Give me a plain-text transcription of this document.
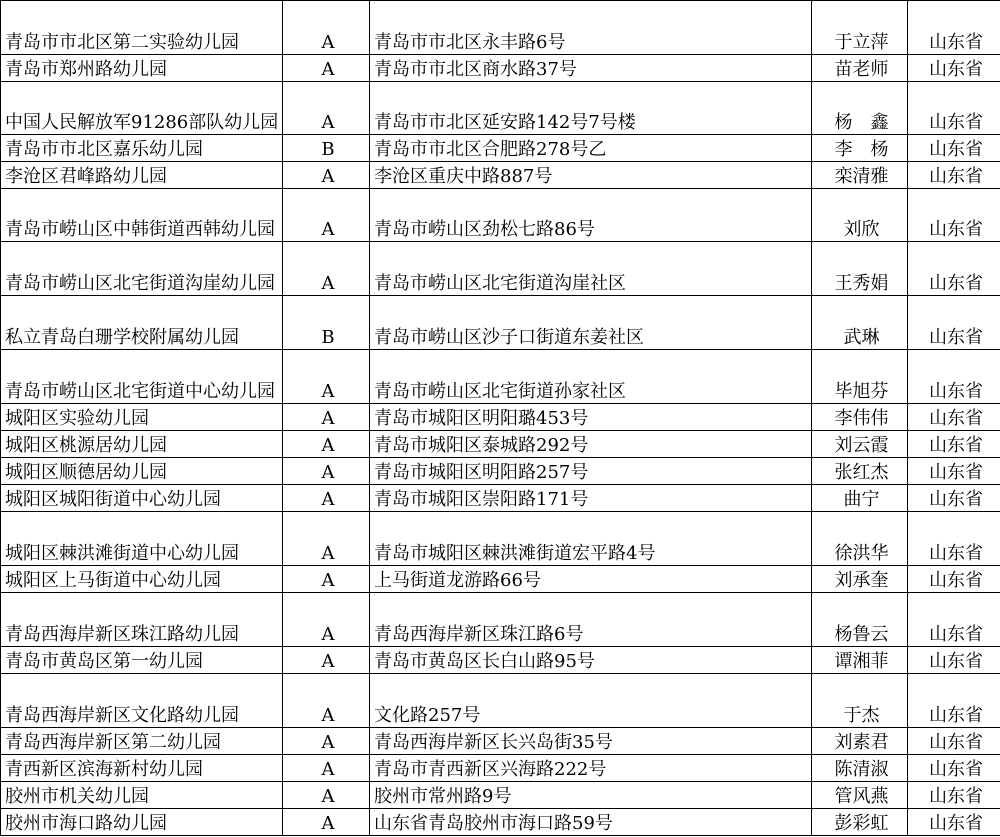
青岛市市北区第二实验幼儿园	A	青岛市市北区永丰路6号	于立萍	山东省
青岛市郑州路幼儿园	A	青岛市市北区商水路37号	苗老师	山东省
中国人民解放军91286部队幼儿园	A	青岛市市北区延安路142号7号楼	杨　鑫	山东省
青岛市市北区嘉乐幼儿园	B	青岛市市北区合肥路278号乙	李　杨	山东省
李沧区君峰路幼儿园	A	李沧区重庆中路887号	栾清雅	山东省
青岛市崂山区中韩街道西韩幼儿园	A	青岛市崂山区劲松七路86号	刘欣	山东省
青岛市崂山区北宅街道沟崖幼儿园	A	青岛市崂山区北宅街道沟崖社区	王秀娟	山东省
私立青岛白珊学校附属幼儿园	B	青岛市崂山区沙子口街道东姜社区	武琳	山东省
青岛市崂山区北宅街道中心幼儿园	A	青岛市崂山区北宅街道孙家社区	毕旭芬	山东省
城阳区实验幼儿园	A	青岛市城阳区明阳璐453号	李伟伟	山东省
城阳区桃源居幼儿园	A	青岛市城阳区泰城路292号	刘云霞	山东省
城阳区顺德居幼儿园	A	青岛市城阳区明阳路257号	张红杰	山东省
城阳区城阳街道中心幼儿园	A	青岛市城阳区崇阳路171号	曲宁	山东省
城阳区棘洪滩街道中心幼儿园	A	青岛市城阳区棘洪滩街道宏平路4号	徐洪华	山东省
城阳区上马街道中心幼儿园	A	上马街道龙游路66号	刘承奎	山东省
青岛西海岸新区珠江路幼儿园	A	青岛西海岸新区珠江路6号	杨鲁云	山东省
青岛市黄岛区第一幼儿园	A	青岛市黄岛区长白山路95号	谭湘菲	山东省
青岛西海岸新区文化路幼儿园	A	文化路257号	于杰	山东省
青岛西海岸新区第二幼儿园	A	青岛西海岸新区长兴岛街35号	刘素君	山东省
青西新区滨海新村幼儿园	A	青岛市青西新区兴海路222号	陈清淑	山东省
胶州市机关幼儿园	A	胶州市常州路9号	管风燕	山东省
胶州市海口路幼儿园	A	山东省青岛胶州市海口路59号	彭彩虹	山东省
